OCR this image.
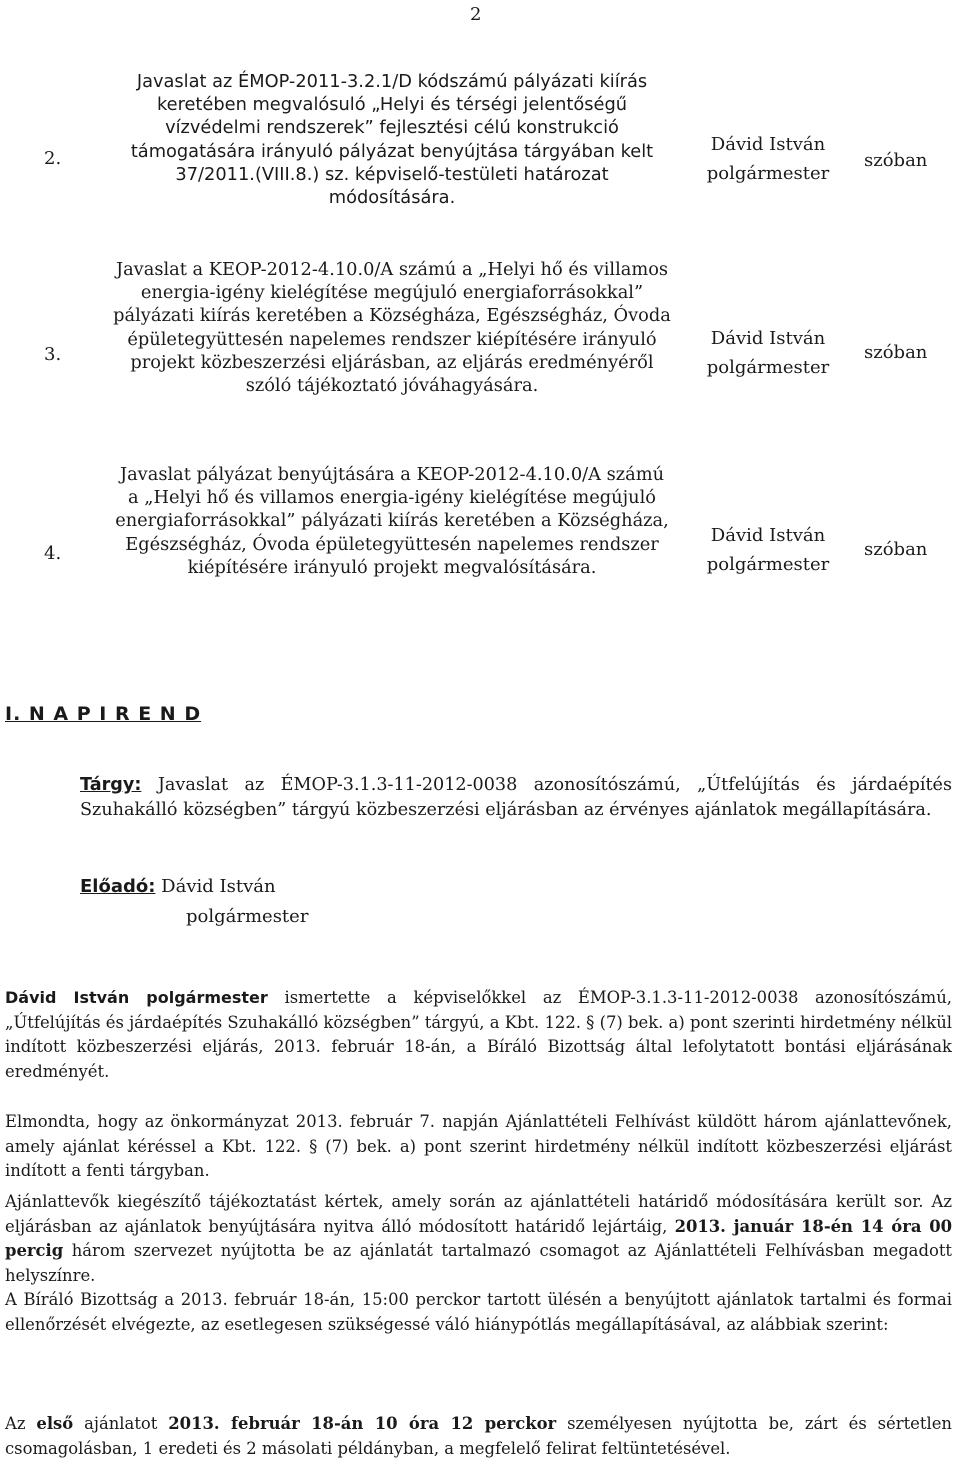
2
2.
Javaslat az ÉMOP-2011-3.2.1/D kódszámú pályázati kiírás keretében megvalósuló „Helyi és térségi jelentőségű vízvédelmi rendszerek” fejlesztési célú konstrukció támogatására irányuló pályázat benyújtása tárgyában kelt 37/2011.(VIII.8.) sz. képviselő-testületi határozat módosítására.
Dávid István
polgármester
szóban
3.
Javaslat a KEOP-2012-4.10.0/A számú a „Helyi hő és villamos energia-igény kielégítése megújuló energiaforrásokkal” pályázati kiírás keretében a Községháza, Egészségház, Óvoda épületegyüttesén napelemes rendszer kiépítésére irányuló projekt közbeszerzési eljárásban, az eljárás eredményéről szóló tájékoztató jóváhagyására.
Dávid István
polgármester
szóban
4.
Javaslat pályázat benyújtására a KEOP-2012-4.10.0/A számú a „Helyi hő és villamos energia-igény kielégítése megújuló energiaforrásokkal” pályázati kiírás keretében a Községháza, Egészségház, Óvoda épületegyüttesén napelemes rendszer kiépítésére irányuló projekt megvalósítására.
Dávid István
polgármester
szóban
I. N A P I R E N D
Tárgy: Javaslat az ÉMOP-3.1.3-11-2012-0038 azonosítószámú, „Útfelújítás és járdaépítés Szuhakálló községben” tárgyú közbeszerzési eljárásban az érvényes ajánlatok megállapítására.
Előadó: Dávid István
polgármester
Dávid István polgármester ismertette a képviselőkkel az ÉMOP-3.1.3-11-2012-0038 azonosítószámú, „Útfelújítás és járdaépítés Szuhakálló községben” tárgyú, a Kbt. 122. § (7) bek. a) pont szerinti hirdetmény nélkül indított közbeszerzési eljárás, 2013. február 18-án, a Bíráló Bizottság által lefolytatott bontási eljárásának eredményét.
Elmondta, hogy az önkormányzat 2013. február 7. napján Ajánlattételi Felhívást küldött három ajánlattevőnek, amely ajánlat kéréssel a Kbt. 122. § (7) bek. a) pont szerint hirdetmény nélkül indított közbeszerzési eljárást indított a fenti tárgyban.
Ajánlattevők kiegészítő tájékoztatást kértek, amely során az ajánlattételi határidő módosítására került sor. Az eljárásban az ajánlatok benyújtására nyitva álló módosított határidő lejártáig, 2013. január 18-én 14 óra 00 percig három szervezet nyújtotta be az ajánlatát tartalmazó csomagot az Ajánlattételi Felhívásban megadott helyszínre.
A Bíráló Bizottság a 2013. február 18-án, 15:00 perckor tartott ülésén a benyújtott ajánlatok tartalmi és formai ellenőrzését elvégezte, az esetlegesen szükségessé váló hiánypótlás megállapításával, az alábbiak szerint:
Az első ajánlatot 2013. február 18-án 10 óra 12 perckor személyesen nyújtotta be, zárt és sértetlen csomagolásban, 1 eredeti és 2 másolati példányban, a megfelelő felirat feltüntetésével.
